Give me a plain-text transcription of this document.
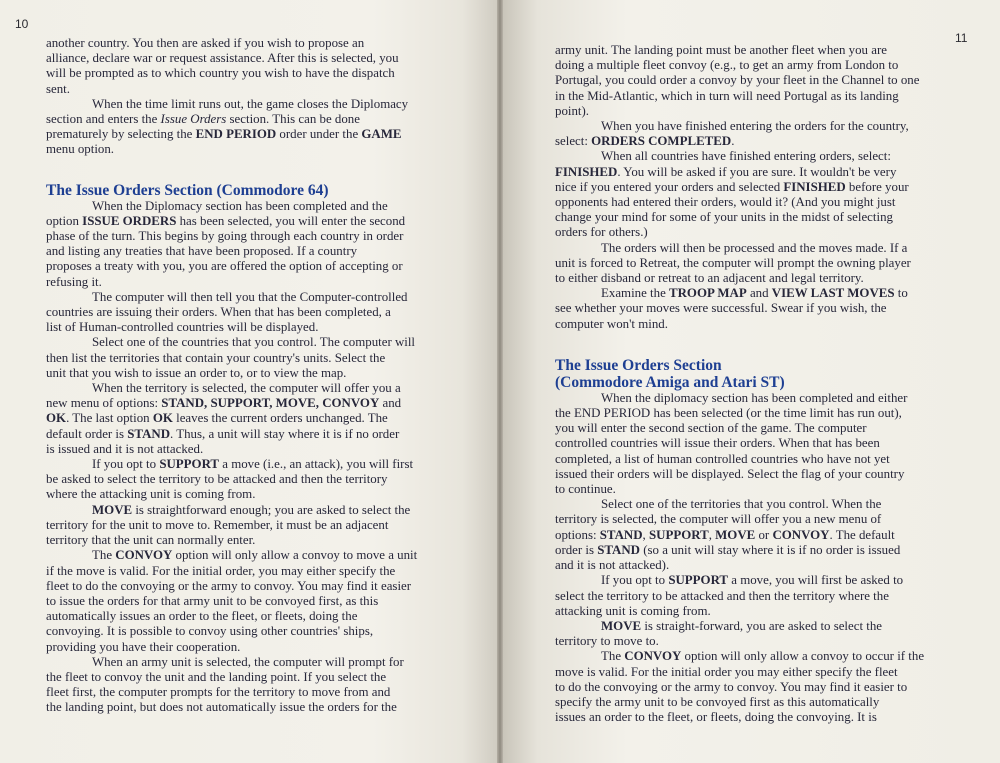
10
another country. You then are asked if you wish to propose an
alliance, declare war or request assistance. After this is selected, you
will be prompted as to which country you wish to have the dispatch
sent.
When the time limit runs out, the game closes the Diplomacy
section and enters the Issue Orders section. This can be done
prematurely by selecting the END PERIOD order under the GAME
menu option.
The Issue Orders Section (Commodore 64)
When the Diplomacy section has been completed and the
option ISSUE ORDERS has been selected, you will enter the second
phase of the turn. This begins by going through each country in order
and listing any treaties that have been proposed. If a country
proposes a treaty with you, you are offered the option of accepting or
refusing it.
The computer will then tell you that the Computer-controlled
countries are issuing their orders. When that has been completed, a
list of Human-controlled countries will be displayed.
Select one of the countries that you control. The computer will
then list the territories that contain your country's units. Select the
unit that you wish to issue an order to, or to view the map.
When the territory is selected, the computer will offer you a
new menu of options: STAND, SUPPORT, MOVE, CONVOY and
OK. The last option OK leaves the current orders unchanged. The
default order is STAND. Thus, a unit will stay where it is if no order
is issued and it is not attacked.
If you opt to SUPPORT a move (i.e., an attack), you will first
be asked to select the territory to be attacked and then the territory
where the attacking unit is coming from.
MOVE is straightforward enough; you are asked to select the
territory for the unit to move to. Remember, it must be an adjacent
territory that the unit can normally enter.
The CONVOY option will only allow a convoy to move a unit
if the move is valid. For the initial order, you may either specify the
fleet to do the convoying or the army to convoy. You may find it easier
to issue the orders for that army unit to be convoyed first, as this
automatically issues an order to the fleet, or fleets, doing the
convoying. It is possible to convoy using other countries' ships,
providing you have their cooperation.
When an army unit is selected, the computer will prompt for
the fleet to convoy the unit and the landing point. If you select the
fleet first, the computer prompts for the territory to move from and
the landing point, but does not automatically issue the orders for the
11
army unit. The landing point must be another fleet when you are
doing a multiple fleet convoy (e.g., to get an army from London to
Portugal, you could order a convoy by your fleet in the Channel to one
in the Mid-Atlantic, which in turn will need Portugal as its landing
point).
When you have finished entering the orders for the country,
select: ORDERS COMPLETED.
When all countries have finished entering orders, select:
FINISHED. You will be asked if you are sure. It wouldn't be very
nice if you entered your orders and selected FINISHED before your
opponents had entered their orders, would it? (And you might just
change your mind for some of your units in the midst of selecting
orders for others.)
The orders will then be processed and the moves made. If a
unit is forced to Retreat, the computer will prompt the owning player
to either disband or retreat to an adjacent and legal territory.
Examine the TROOP MAP and VIEW LAST MOVES to
see whether your moves were successful. Swear if you wish, the
computer won't mind.
The Issue Orders Section
(Commodore Amiga and Atari ST)
When the diplomacy section has been completed and either
the END PERIOD has been selected (or the time limit has run out),
you will enter the second section of the game. The computer
controlled countries will issue their orders. When that has been
completed, a list of human controlled countries who have not yet
issued their orders will be displayed. Select the flag of your country
to continue.
Select one of the territories that you control. When the
territory is selected, the computer will offer you a new menu of
options: STAND, SUPPORT, MOVE or CONVOY. The default
order is STAND (so a unit will stay where it is if no order is issued
and it is not attacked).
If you opt to SUPPORT a move, you will first be asked to
select the territory to be attacked and then the territory where the
attacking unit is coming from.
MOVE is straight-forward, you are asked to select the
territory to move to.
The CONVOY option will only allow a convoy to occur if the
move is valid. For the initial order you may either specify the fleet
to do the convoying or the army to convoy. You may find it easier to
specify the army unit to be convoyed first as this automatically
issues an order to the fleet, or fleets, doing the convoying. It is
